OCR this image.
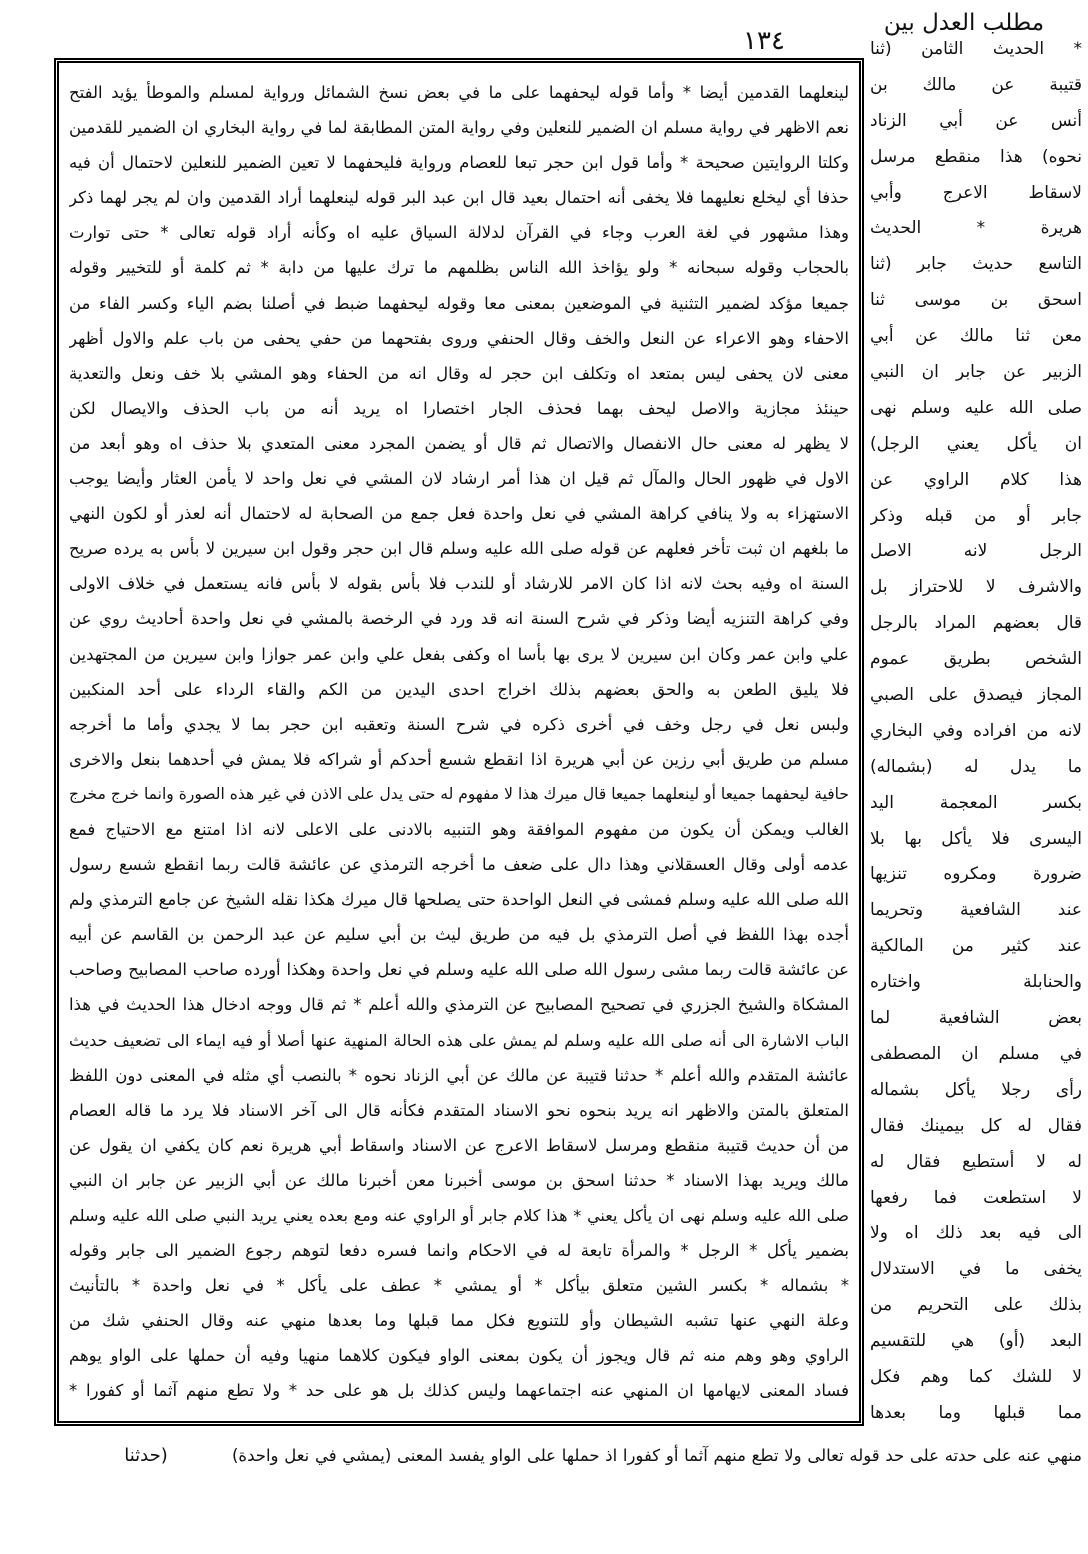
مطلب العدل بين
١٣٤
لينعلهما القدمين أيضا * وأما قوله ليحفهما على ما في بعض نسخ الشمائل ورواية لمسلم والموطأ يؤيد الفتح
نعم الاظهر في رواية مسلم ان الضمير للنعلين وفي رواية المتن المطابقة لما في رواية البخاري ان الضمير للقدمين
وكلتا الروايتين صحيحة * وأما قول ابن حجر تبعا للعصام ورواية فليحفهما لا تعين الضمير للنعلين لاحتمال أن فيه
حذفا أي ليخلع نعليهما فلا يخفى أنه احتمال بعيد قال ابن عبد البر قوله لينعلهما أراد القدمين وان لم يجر لهما ذكر
وهذا مشهور في لغة العرب وجاء في القرآن لدلالة السياق عليه اه وكأنه أراد قوله تعالى * حتى توارت
بالحجاب وقوله سبحانه * ولو يؤاخذ الله الناس بظلمهم ما ترك عليها من دابة * ثم كلمة أو للتخيير وقوله
جميعا مؤكد لضمير التثنية في الموضعين بمعنى معا وقوله ليحفهما ضبط في أصلنا بضم الياء وكسر الفاء من
الاحفاء وهو الاعراء عن النعل والخف وقال الحنفي وروى بفتحهما من حفي يحفى من باب علم والاول أظهر
معنى لان يحفى ليس بمتعد اه وتكلف ابن حجر له وقال انه من الحفاء وهو المشي بلا خف ونعل والتعدية
حينئذ مجازية والاصل ليحف بهما فحذف الجار اختصارا اه يريد أنه من باب الحذف والايصال لكن
لا يظهر له معنى حال الانفصال والاتصال ثم قال أو يضمن المجرد معنى المتعدي بلا حذف اه وهو أبعد من
الاول في ظهور الحال والمآل ثم قيل ان هذا أمر ارشاد لان المشي في نعل واحد لا يأمن العثار وأيضا يوجب
الاستهزاء به ولا ينافي كراهة المشي في نعل واحدة فعل جمع من الصحابة له لاحتمال أنه لعذر أو لكون النهي
ما بلغهم ان ثبت تأخر فعلهم عن قوله صلى الله عليه وسلم قال ابن حجر وقول ابن سيرين لا بأس به يرده صريح
السنة اه وفيه بحث لانه اذا كان الامر للارشاد أو للندب فلا بأس بقوله لا بأس فانه يستعمل في خلاف الاولى
وفي كراهة التنزيه أيضا وذكر في شرح السنة انه قد ورد في الرخصة بالمشي في نعل واحدة أحاديث روي عن
علي وابن عمر وكان ابن سيرين لا يرى بها بأسا اه وكفى بفعل علي وابن عمر جوازا وابن سيرين من المجتهدين
فلا يليق الطعن به والحق بعضهم بذلك اخراج احدى اليدين من الكم والقاء الرداء على أحد المنكبين
ولبس نعل في رجل وخف في أخرى ذكره في شرح السنة وتعقبه ابن حجر بما لا يجدي وأما ما أخرجه
مسلم من طريق أبي رزين عن أبي هريرة اذا انقطع شسع أحدكم أو شراكه فلا يمش في أحدهما بنعل والاخرى
حافية ليحفهما جميعا أو لينعلهما جميعا قال ميرك هذا لا مفهوم له حتى يدل على الاذن في غير هذه الصورة وانما خرج مخرج
الغالب ويمكن أن يكون من مفهوم الموافقة وهو التنبيه بالادنى على الاعلى لانه اذا امتنع مع الاحتياج فمع
عدمه أولى وقال العسقلاني وهذا دال على ضعف ما أخرجه الترمذي عن عائشة قالت ربما انقطع شسع رسول
الله صلى الله عليه وسلم فمشى في النعل الواحدة حتى يصلحها قال ميرك هكذا نقله الشيخ عن جامع الترمذي ولم
أجده بهذا اللفظ في أصل الترمذي بل فيه من طريق ليث بن أبي سليم عن عبد الرحمن بن القاسم عن أبيه
عن عائشة قالت ربما مشى رسول الله صلى الله عليه وسلم في نعل واحدة وهكذا أورده صاحب المصابيح وصاحب
المشكاة والشيخ الجزري في تصحيح المصابيح عن الترمذي والله أعلم * ثم قال ووجه ادخال هذا الحديث في هذا
الباب الاشارة الى أنه صلى الله عليه وسلم لم يمش على هذه الحالة المنهية عنها أصلا أو فيه ايماء الى تضعيف حديث
عائشة المتقدم والله أعلم * حدثنا قتيبة عن مالك عن أبي الزناد نحوه * بالنصب أي مثله في المعنى دون اللفظ
المتعلق بالمتن والاظهر انه يريد بنحوه نحو الاسناد المتقدم فكأنه قال الى آخر الاسناد فلا يرد ما قاله العصام
من أن حديث قتيبة منقطع ومرسل لاسقاط الاعرج عن الاسناد واسقاط أبي هريرة نعم كان يكفي ان يقول عن
مالك ويريد بهذا الاسناد * حدثنا اسحق بن موسى أخبرنا معن أخبرنا مالك عن أبي الزبير عن جابر ان النبي
صلى الله عليه وسلم نهى ان يأكل يعني * هذا كلام جابر أو الراوي عنه ومع بعده يعني يريد النبي صلى الله عليه وسلم
بضمير يأكل * الرجل * والمرأة تابعة له في الاحكام وانما فسره دفعا لتوهم رجوع الضمير الى جابر وقوله
* بشماله * بكسر الشين متعلق بيأكل * أو يمشي * عطف على يأكل * في نعل واحدة * بالتأنيث
وعلة النهي عنها تشبه الشيطان وأو للتنويع فكل مما قبلها وما بعدها منهي عنه وقال الحنفي شك من
الراوي وهو وهم منه ثم قال ويجوز أن يكون بمعنى الواو فيكون كلاهما منهيا وفيه أن حملها على الواو يوهم
فساد المعنى لايهامها ان المنهي عنه اجتماعهما وليس كذلك بل هو على حد * ولا تطع منهم آثما أو كفورا *
* الحديث الثامن (ثنا
قتيبة عن مالك بن
أنس عن أبي الزناد
نحوه) هذا منقطع مرسل
لاسقاط الاعرج وأبي
هريرة * الحديث
التاسع حديث جابر (ثنا
اسحق بن موسى ثنا
معن ثنا مالك عن أبي
الزبير عن جابر ان النبي
صلى الله عليه وسلم نهى
ان يأكل يعني الرجل)
هذا كلام الراوي عن
جابر أو من قبله وذكر
الرجل لانه الاصل
والاشرف لا للاحتراز بل
قال بعضهم المراد بالرجل
الشخص بطريق عموم
المجاز فيصدق على الصبي
لانه من افراده وفي البخاري
ما يدل له (بشماله)
بكسر المعجمة اليد
اليسرى فلا يأكل بها بلا
ضرورة ومكروه تنزيها
عند الشافعية وتحريما
عند كثير من المالكية
والحنابلة واختاره
بعض الشافعية لما
في مسلم ان المصطفى
رأى رجلا يأكل بشماله
فقال له كل بيمينك فقال
له لا أستطيع فقال له
لا استطعت فما رفعها
الى فيه بعد ذلك اه ولا
يخفى ما في الاستدلال
بذلك على التحريم من
البعد (أو) هي للتقسيم
لا للشك كما وهم فكل
مما قبلها وما بعدها
منهي عنه على حدته على حد قوله تعالى ولا تطع منهم آثما أو كفورا اذ حملها على الواو يفسد المعنى (يمشي في نعل واحدة)
(حدثنا
